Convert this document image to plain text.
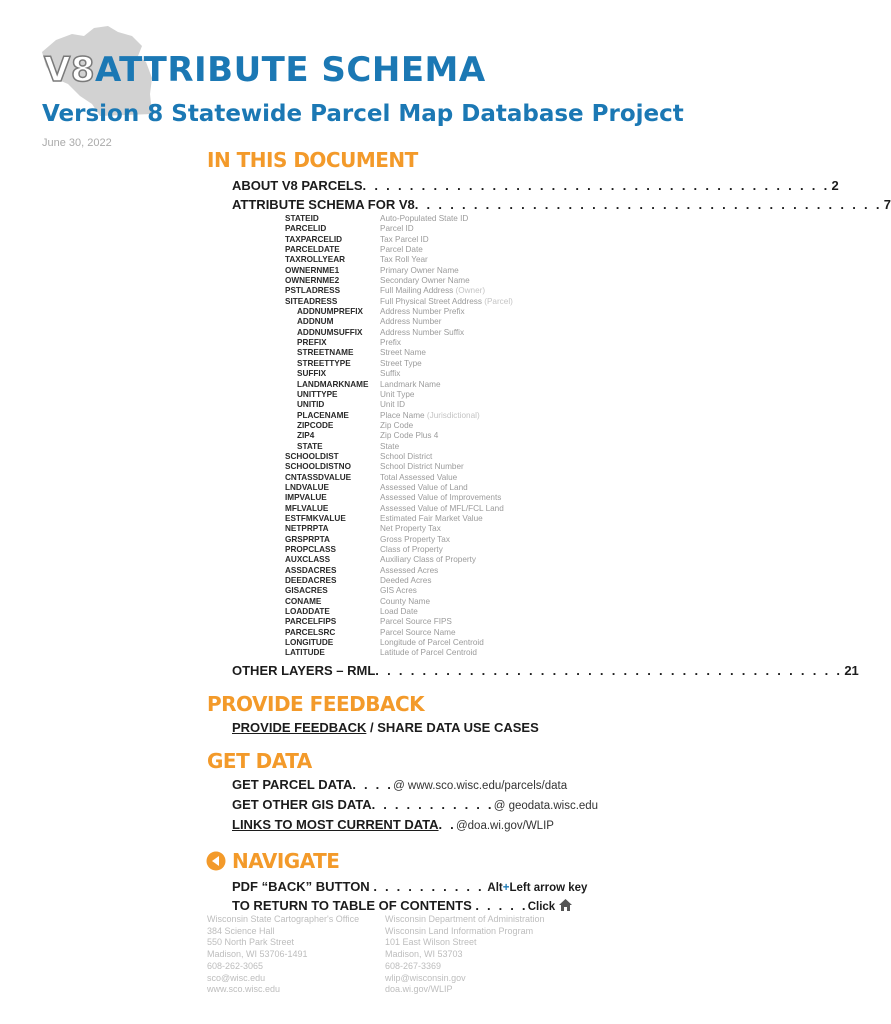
V8ATTRIBUTE SCHEMA
Version 8 Statewide Parcel Map Database Project
June 30, 2022
IN THIS DOCUMENT
ABOUT V8 PARCELS . . . . . . . . . . . . . . . . . . . . . . . . . . . . . . . . . . . . . . . . 2
ATTRIBUTE SCHEMA FOR V8 . . . . . . . . . . . . . . . . . . . . . . . . . . . . . . . . . . . . . . . . 7
STATEID	Auto-Populated State ID
PARCELID	Parcel ID
TAXPARCELID	Tax Parcel ID
PARCELDATE	Parcel Date
TAXROLLYEAR	Tax Roll Year
OWNERNME1	Primary Owner Name
OWNERNME2	Secondary Owner Name
PSTLADRESS	Full Mailing Address (Owner)
SITEADRESS	Full Physical Street Address (Parcel)
ADDNUMPREFIX Address Number Prefix
ADDNUM	Address Number
ADDNUMSUFFIX Address Number Suffix
PREFIX	Prefix
STREETNAME	Street Name
STREETTYPE	Street Type
SUFFIX	Suffix
LANDMARKNAME Landmark Name
UNITTYPE	Unit Type
UNITID	Unit ID
PLACENAME	Place Name (Jurisdictional)
ZIPCODE	Zip Code
ZIP4	Zip Code Plus 4
STATE	State
SCHOOLDIST	School District
SCHOOLDISTNO	School District Number
CNTASSDVALUE	Total Assessed Value
LNDVALUE	Assessed Value of Land
IMPVALUE	Assessed Value of Improvements
MFLVALUE	Assessed Value of MFL/FCL Land
ESTFMKVALUE	Estimated Fair Market Value
NETPRPTA	Net Property Tax
GRSPRPTA	Gross Property Tax
PROPCLASS	Class of Property
AUXCLASS	Auxiliary Class of Property
ASSDACRES	Assessed Acres
DEEDACRES	Deeded Acres
GISACRES	GIS Acres
CONAME	County Name
LOADDATE	Load Date
PARCELFIPS	Parcel Source FIPS
PARCELSRC	Parcel Source Name
LONGITUDE	Longitude of Parcel Centroid
LATITUDE	Latitude of Parcel Centroid
OTHER LAYERS – RML . . . . . . . . . . . . . . . . . . . . . . . . . . . . . . . . . . . . . . . . 21
PROVIDE FEEDBACK
PROVIDE FEEDBACK / SHARE DATA USE CASES
GET DATA
GET PARCEL DATA. . . .@ www.sco.wisc.edu/parcels/data
GET OTHER GIS DATA. . . . . . . . . . .@ geodata.wisc.edu
LINKS TO MOST CURRENT DATA. .@doa.wi.gov/WLIP
NAVIGATE
PDF “BACK” BUTTON . . . . . . . . . . Alt+Left arrow key
TO RETURN TO TABLE OF CONTENTS . . . . .Click
Wisconsin State Cartographer's Office
384 Science Hall
550 North Park Street
Madison, WI 53706-1491
608-262-3065
sco@wisc.edu
www.sco.wisc.edu
Wisconsin Department of Administration
Wisconsin Land Information Program
101 East Wilson Street
Madison, WI 53703
608-267-3369
wlip@wisconsin.gov
doa.wi.gov/WLIP
